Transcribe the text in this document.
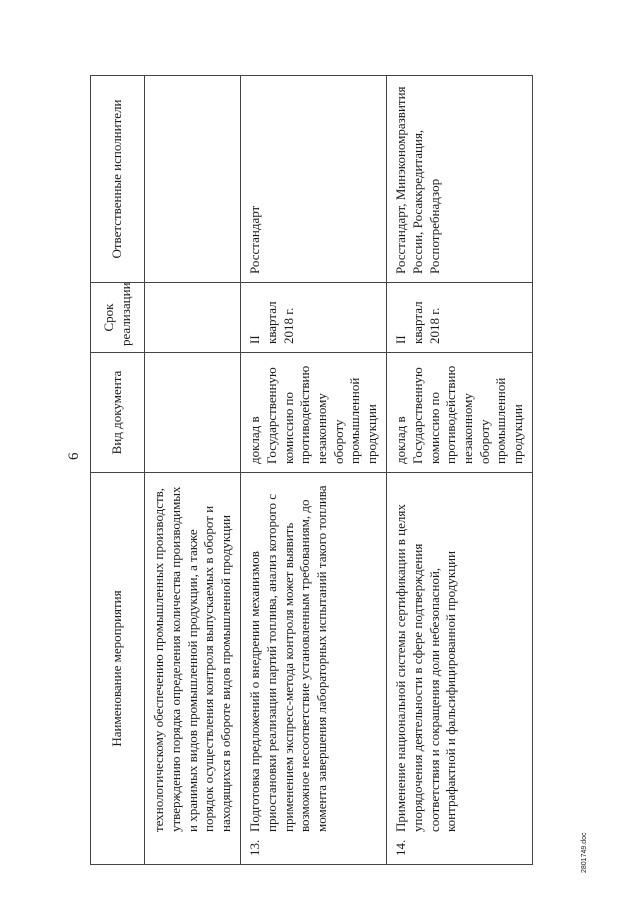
6
Наименование мероприятия	Вид документа	Срок реализации	Ответственные исполнители
технологическому обеспечению промышленных производств, утверждению порядка определения количества производимых и хранимых видов промышленной продукции, а также порядок осуществления контроля выпускаемых в оборот и находящихся в обороте видов промышленной продукции			

13.
Подготовка предложений о внедрении механизмов приостановки реализации партий топлива, анализ которого с применением экспресс-метода контроля может выявить возможное несоответствие установленным требованиям, до момента завершения лабораторных испытаний такого топлива	доклад в Государственную комиссию по противодействию незаконному обороту промышленной продукции	II квартал 2018 г.	Росстандарт

14.
Применение национальной системы сертификации в целях упорядочения деятельности в сфере подтверждения соответствия и сокращения доли небезопасной, контрафактной и фальсифицированной продукции	доклад в Государственную комиссию по противодействию незаконному обороту промышленной продукции	II квартал 2018 г.	Росстандарт, Минэкономразвития России, Росаккредитация, Роспотребнадзор
2801749.doc
